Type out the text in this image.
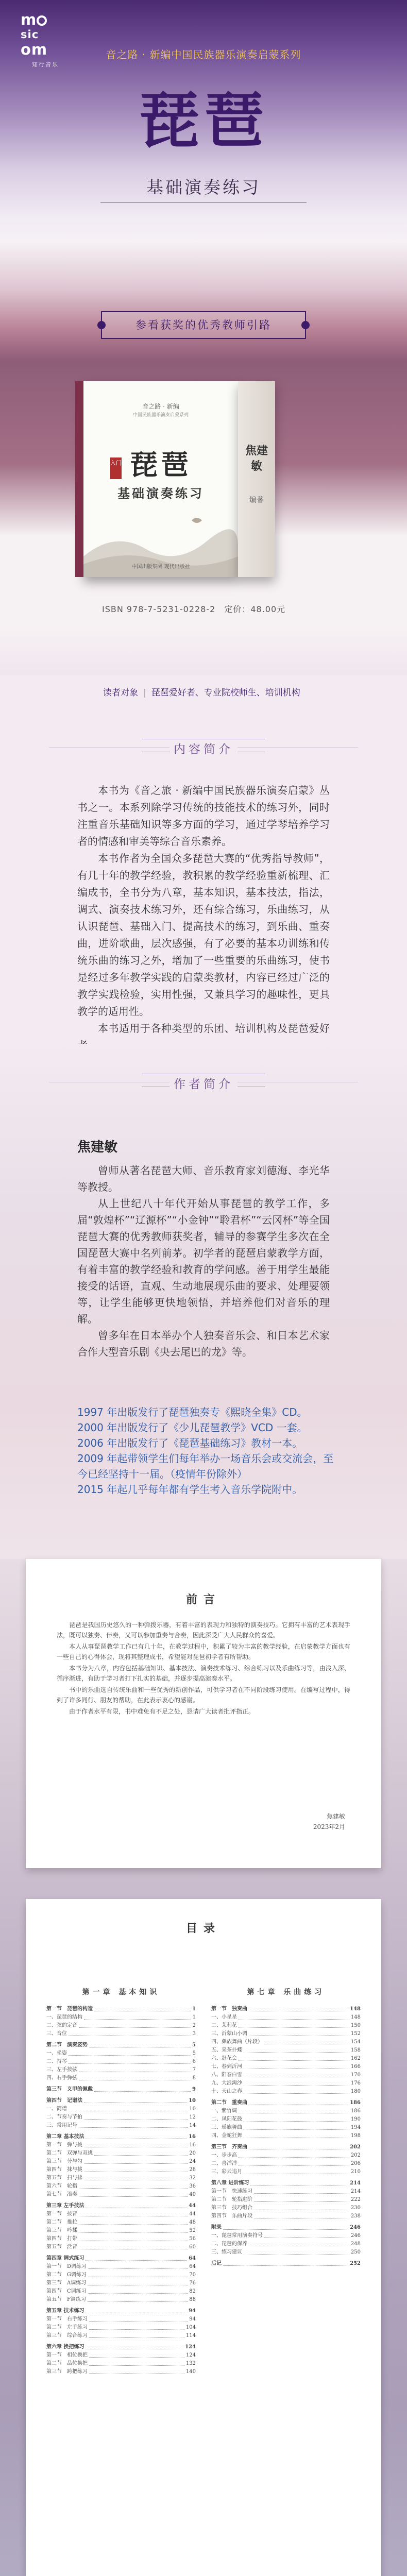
m
sic
om
知行音乐
音之路 · 新编中国民族器乐演奏启蒙系列
琵琶
基础演奏练习
参看获奖的优秀教师引路
音之路 · 新编
中国民族器乐演奏启蒙系列
入门 琵琶
基础演奏练习
中国出版集团 现代出版社
焦建敏
编著
ISBN 978-7-5231-0228-2　定价：48.00元
读者对象 | 琵琶爱好者、专业院校师生、培训机构
内容简介

本书为《音之旅 · 新编中国民族器乐演奏启蒙》丛书之一。本系列除学习传统的技能技术的练习外，同时注重音乐基础知识等多方面的学习，通过学琴培养学习者的情感和审美等综合音乐素养。

本书作者为全国众多琵琶大赛的“优秀指导教师”，有几十年的教学经验，教积累的教学经验重新梳理、汇编成书，全书分为八章，基本知识，基本技法，指法，调式、演奏技术练习外，还有综合练习，乐曲练习，从认识琵琶、基础入门、提高技术的练习，到乐曲、重奏曲，进阶歌曲，层次感强，有了必要的基本功训练和传统乐曲的练习之外，增加了一些重要的乐曲练习，使书是经过多年教学实践的启蒙类教材，内容已经过广泛的教学实践检验，实用性强，又兼具学习的趣味性，更具教学的适用性。

本书适用于各种类型的乐团、培训机构及琵琶爱好

作者简介
焦建敏

曾师从著名琵琶大师、音乐教育家刘德海、李光华等教授。

从上世纪八十年代开始从事琵琶的教学工作，多届“敦煌杯”“辽源杯”“小金钟”“聆君杯”“云冈杯”等全国琵琶大赛的优秀教师获奖者，辅导的参赛学生多次在全国琵琶大赛中名列前茅。初学者的琵琶启蒙教学方面，有着丰富的教学经验和教育的学问感。善于用学生最能接受的话语，直观、生动地展现乐曲的要求、处理要领等，让学生能够更快地领悟，并培养他们对音乐的理解。

曾多年在日本举办个人独奏音乐会、和日本艺术家合作大型音乐剧《央去尾巴的龙》等。

1997 年出版发行了琵琶独奏专《熙晓全集》CD。
2000 年出版发行了《少儿琵琶教学》VCD 一套。
2006 年出版发行了《琵琶基础练习》教材一本。
2009 年起带领学生们每年举办一场音乐会或交流会，至今已经坚持十一届。（疫情年份除外）
2015 年起几乎每年都有学生考入音乐学院附中。
前言

琵琶是我国历史悠久的一种弹拨乐器，有着丰富的表现力和独特的演奏技巧。它拥有丰富的艺术表现手法，既可以独奏、伴奏，又可以参加重奏与合奏，因此深受广大人民群众的喜爱。

本人从事琵琶教学工作已有几十年，在教学过程中，积累了较为丰富的教学经验，在启蒙教学方面也有一些自己的心得体会，现将其整理成书，希望能对琵琶初学者有所帮助。

本书分为八章，内容包括基础知识、基本技法、演奏技术练习、综合练习以及乐曲练习等，由浅入深、循序渐进，有助于学习者打下扎实的基础，并逐步提高演奏水平。

书中的乐曲选自传统乐曲和一些优秀的新创作品，可供学习者在不同阶段练习使用。在编写过程中，得到了许多同行、朋友的帮助，在此表示衷心的感谢。

由于作者水平有限，书中难免有不足之处，恳请广大读者批评指正。

焦建敏
2023年2月
目录
第一章 基本知识
第一节　琵琶的构造	1
一、琵琶的结构	1
二、弦的定音	2
三、音位	3
第二节　演奏姿势	5
一、坐姿	5
二、持琴	6
三、左手按弦	7
四、右手弹弦	8
第三节　义甲的佩戴	9
第四节　记谱法	10
一、简谱	10
二、节奏与节拍	12
三、常用记号	14
第二章 基本技法	16
第一节　弹与挑	16
第二节　双弹与双挑	20
第三节　分与勾	24
第四节　抹与挑	28
第五节　扫与拂	32
第六节　轮指	36
第七节　滚奏	40
第三章 左手技法	44
第一节　按音	44
第二节　推拉	48
第三节　吟揉	52
第四节　打带	56
第五节　泛音	60
第四章 调式练习	64
第一节　D调练习	64
第二节　G调练习	70
第三节　A调练习	76
第四节　C调练习	82
第五节　F调练习	88
第五章 技术练习	94
第一节　右手练习	94
第二节　左手练习	104
第三节　综合练习	114
第六章 换把练习	124
第一节　相位换把	124
第二节　品位换把	132
第三节　跨把练习	140
第七章 乐曲练习
第一节　独奏曲	148
一、小星星	148
二、茉莉花	150
三、沂蒙山小调	152
四、彝族舞曲（片段）	154
五、采茶扑蝶	158
六、赶花会	162
七、春到沂河	166
八、阳春白雪	170
九、大浪淘沙	176
十、天山之春	180
第二节　重奏曲	186
一、紫竹调	186
二、凤阳花鼓	190
三、瑶族舞曲	194
四、金蛇狂舞	198
第三节　齐奏曲	202
一、步步高	202
二、喜洋洋	206
三、彩云追月	210
第八章 进阶练习	214
第一节　快速练习	214
第二节　轮指进阶	222
第三节　技巧组合	230
第四节　乐曲片段	238
附录	246
一、琵琶常用演奏符号	246
二、琵琶的保养	248
三、练习建议	250
后记	252
